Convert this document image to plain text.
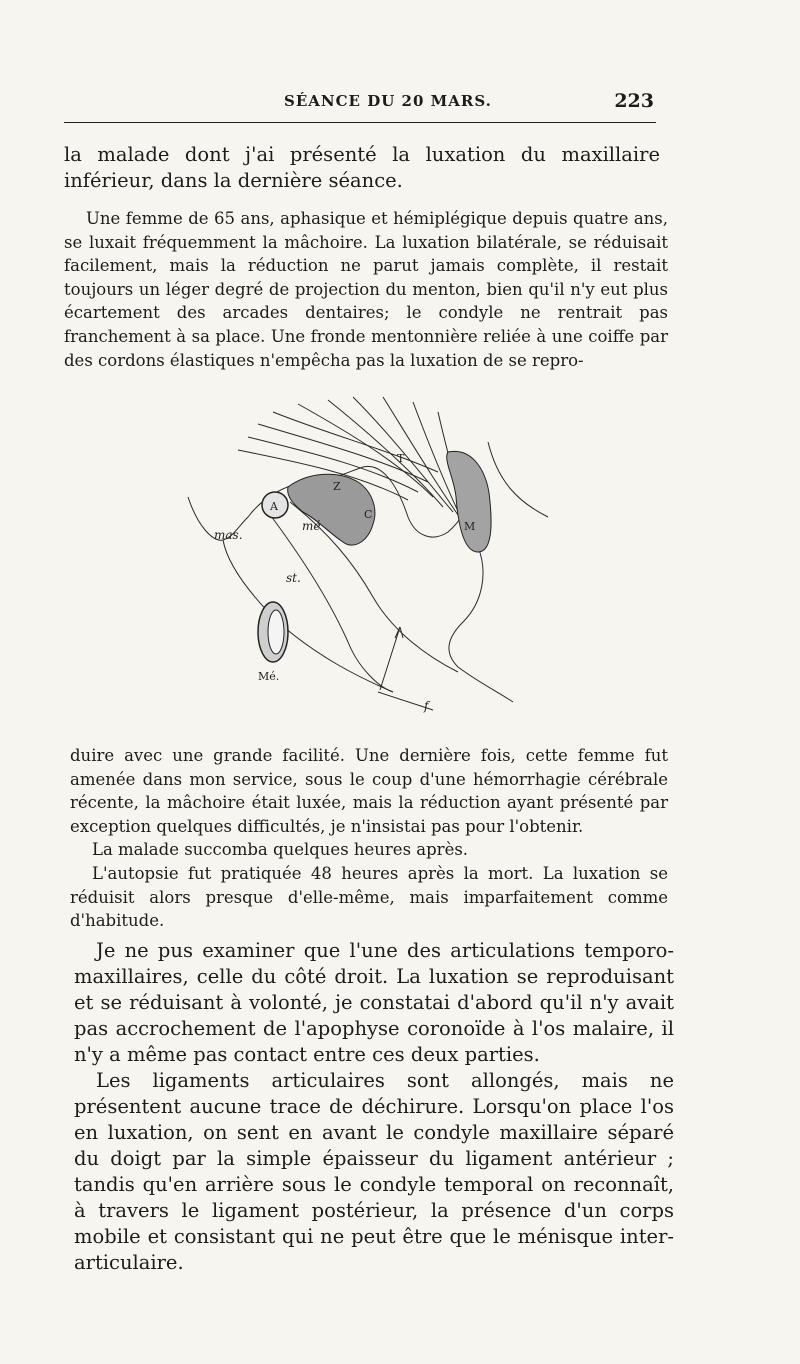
SÉANCE DU 20 MARS.	223

la malade dont j'ai présenté la luxation du maxillaire inférieur, dans la dernière séance.

Une femme de 65 ans, aphasique et hémiplégique depuis quatre ans, se luxait fréquemment la mâchoire. La luxation bilatérale, se réduisait facilement, mais la réduction ne parut jamais complète, il restait toujours un léger degré de projection du menton, bien qu'il n'y eut plus écartement des arcades dentaires; le condyle ne rentrait pas franchement à sa place. Une fronde mentonnière reliée à une coiffe par des cordons élastiques n'empêcha pas la luxation de se repro-

T
Z
C
M
A
mas.
mé
st.
Mé.
f

duire avec une grande facilité. Une dernière fois, cette femme fut amenée dans mon service, sous le coup d'une hémorrhagie cérébrale récente, la mâchoire était luxée, mais la réduction ayant présenté par exception quelques difficultés, je n'insistai pas pour l'obtenir.

La malade succomba quelques heures après.

L'autopsie fut pratiquée 48 heures après la mort. La luxation se réduisit alors presque d'elle-même, mais imparfaitement comme d'habitude.

Je ne pus examiner que l'une des articulations temporo-maxillaires, celle du côté droit. La luxation se reproduisant et se réduisant à volonté, je constatai d'abord qu'il n'y avait pas accrochement de l'apophyse coronoïde à l'os malaire, il n'y a même pas contact entre ces deux parties.

Les ligaments articulaires sont allongés, mais ne présentent aucune trace de déchirure. Lorsqu'on place l'os en luxation, on sent en avant le condyle maxillaire séparé du doigt par la simple épaisseur du ligament antérieur ; tandis qu'en arrière sous le condyle temporal on reconnaît, à travers le ligament postérieur, la présence d'un corps mobile et consistant qui ne peut être que le ménisque inter-articulaire.
